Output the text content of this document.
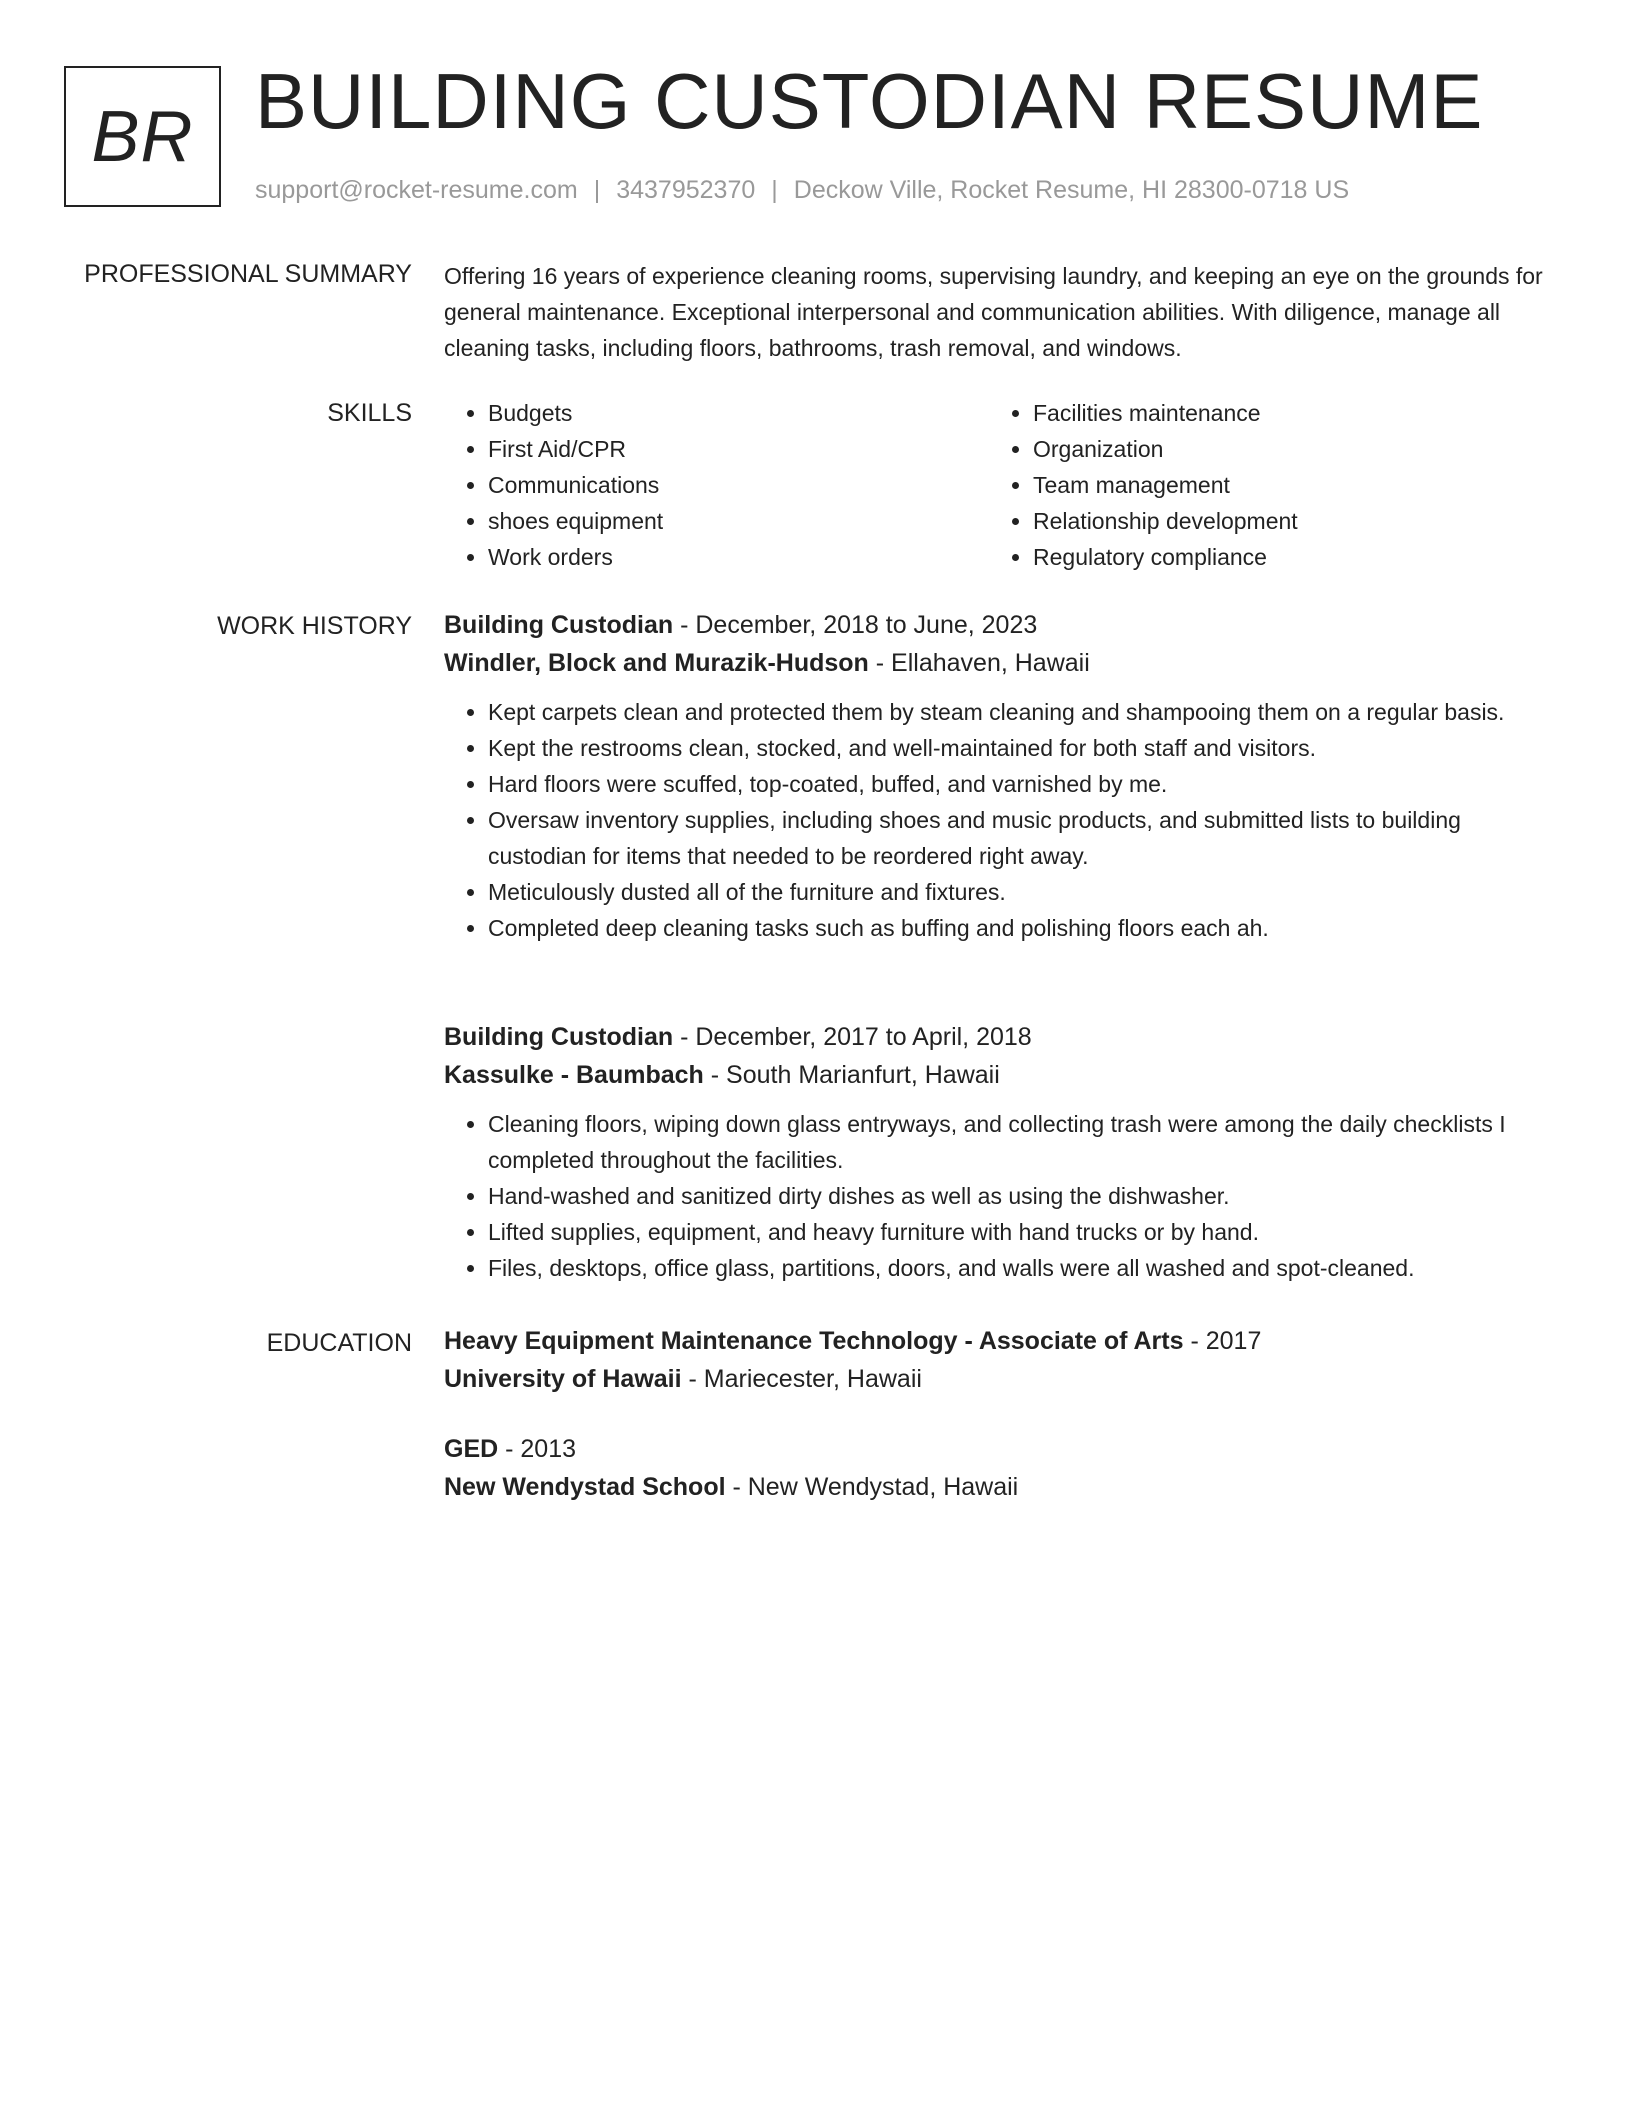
BR BUILDING CUSTODIAN RESUME
support@rocket-resume.com | 3437952370 | Deckow Ville, Rocket Resume, HI 28300-0718 US
PROFESSIONAL SUMMARY Offering 16 years of experience cleaning rooms, supervising laundry, and keeping an eye on the grounds for general maintenance. Exceptional interpersonal and communication abilities. With diligence, manage all cleaning tasks, including floors, bathrooms, trash removal, and windows.
SKILLS
•	Budgets
• First Aid/CPR
• Communications
• shoes equipment
• Work orders
• Facilities maintenance
• Organization
• Team management
• Relationship development
• Regulatory compliance
WORK HISTORY Building Custodian - December, 2018 to June, 2023
Windler, Block and Murazik-Hudson - Ellahaven, Hawaii
• Kept carpets clean and protected them by steam cleaning and shampooing them on a regular basis.
• Kept the restrooms clean, stocked, and well-maintained for both staff and visitors.
• Hard floors were scuffed, top-coated, buffed, and varnished by me.
• Oversaw inventory supplies, including shoes and music products, and submitted lists to building custodian for items that needed to be reordered right away.
• Meticulously dusted all of the furniture and fixtures.
• Completed deep cleaning tasks such as buffing and polishing floors each ah.
Building Custodian - December, 2017 to April, 2018
Kassulke - Baumbach - South Marianfurt, Hawaii
• Cleaning floors, wiping down glass entryways, and collecting trash were among the daily checklists I completed throughout the facilities.
• Hand-washed and sanitized dirty dishes as well as using the dishwasher.
• Lifted supplies, equipment, and heavy furniture with hand trucks or by hand.
• Files, desktops, office glass, partitions, doors, and walls were all washed and spot-cleaned.
EDUCATION Heavy Equipment Maintenance Technology - Associate of Arts - 2017
University of Hawaii - Mariecester, Hawaii
GED - 2013
New Wendystad School - New Wendystad, Hawaii
